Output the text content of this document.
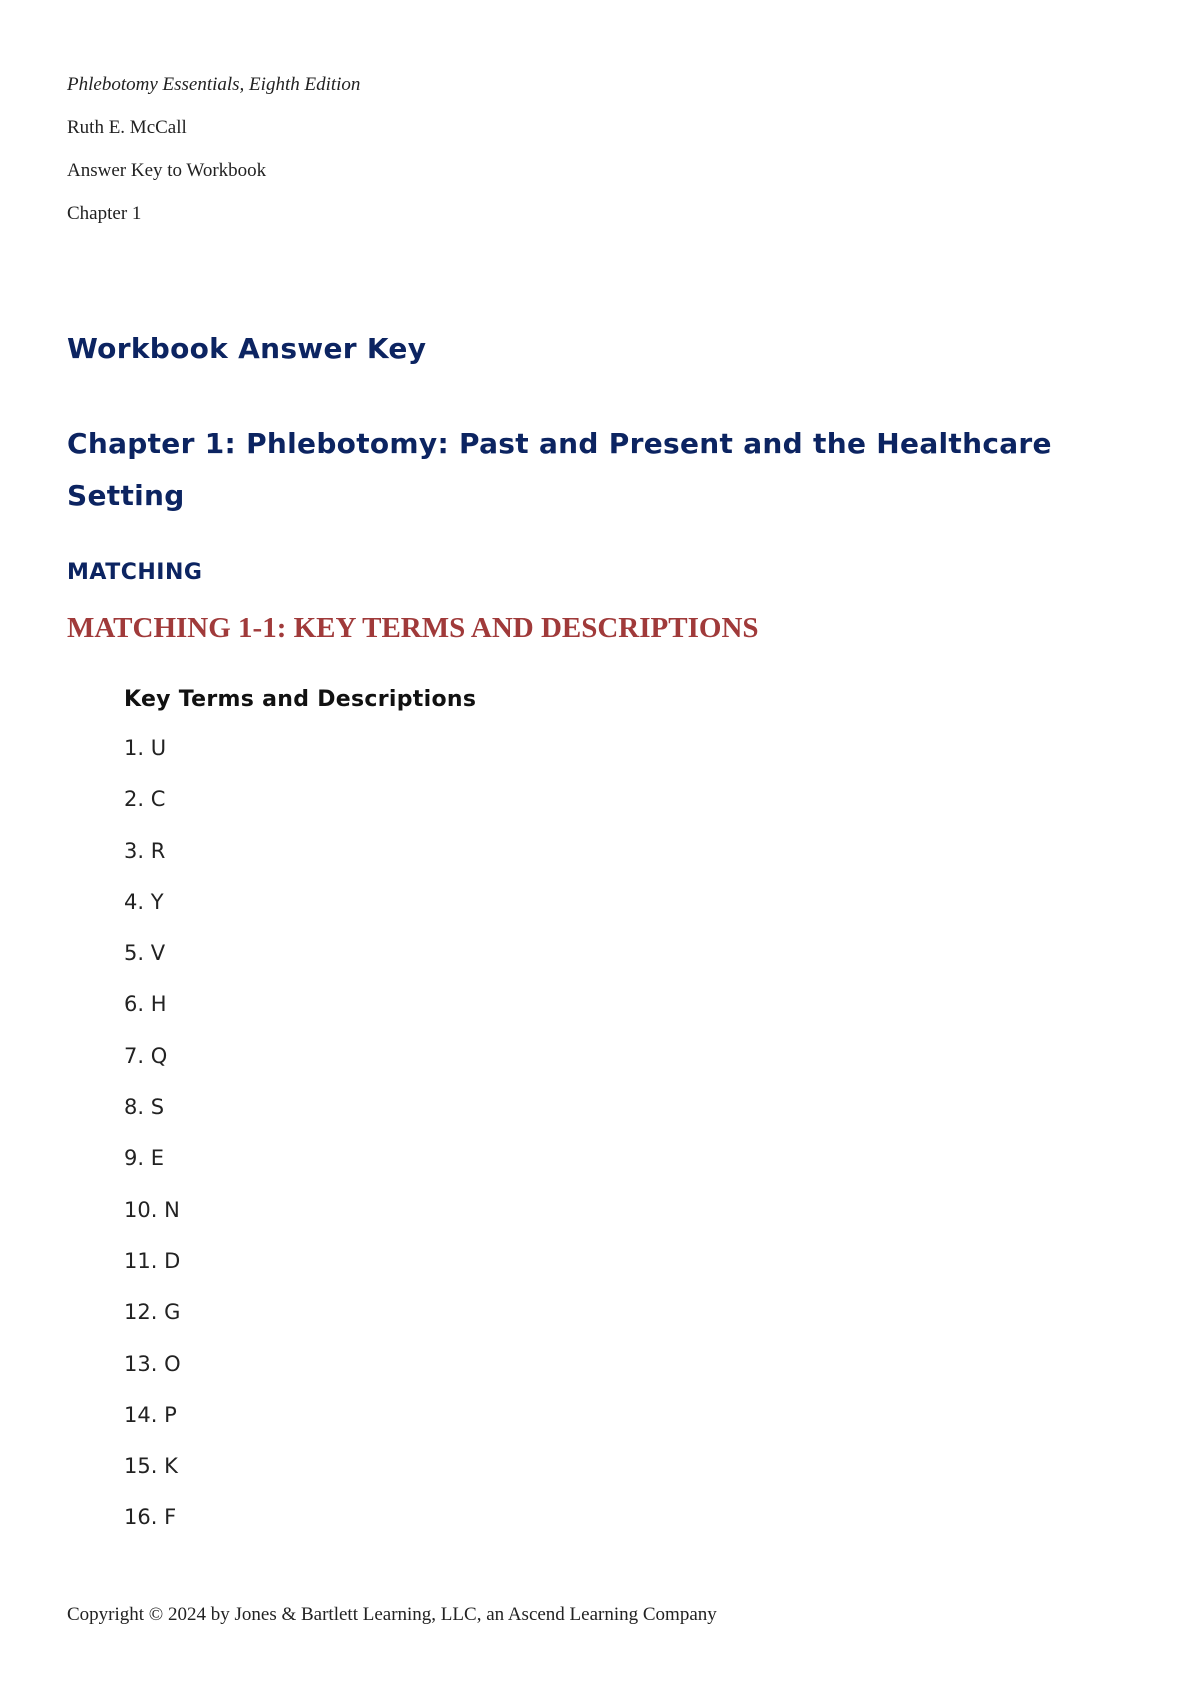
Phlebotomy Essentials, Eighth Edition

Ruth E. McCall

Answer Key to Workbook

Chapter 1

Workbook Answer Key
Chapter 1: Phlebotomy: Past and Present and the Healthcare Setting
MATCHING
MATCHING 1-1: KEY TERMS AND DESCRIPTIONS

Key Terms and Descriptions

1. U
2. C
3. R
4. Y
5. V
6. H
7. Q
8. S
9. E
10. N
11. D
12. G
13. O
14. P
15. K
16. F

Copyright © 2024 by Jones & Bartlett Learning, LLC, an Ascend Learning Company
